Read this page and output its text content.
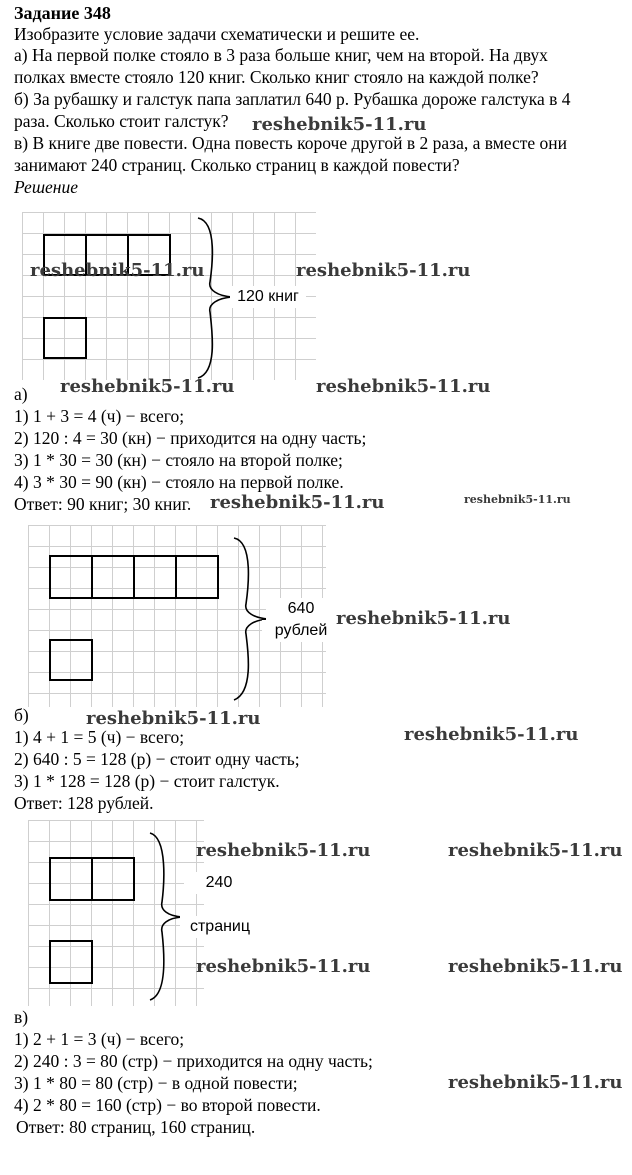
Задание 348
Изобразите условие задачи схематически и решите ее.
а) На первой полке стояло в 3 раза больше книг, чем на второй. На двух
полках вместе стояло 120 книг. Сколько книг стояло на каждой полке?
б) За рубашку и галстук папа заплатил 640 р. Рубашка дороже галстука в 4
раза. Сколько стоит галстук?
в) В книге две повести. Одна повесть короче другой в 2 раза, а вместе они
занимают 240 страниц. Сколько страниц в каждой повести?
Решение
120 книг
а)
1) 1 + 3 = 4 (ч) − всего;
2) 120 : 4 = 30 (кн) − приходится на одну часть;
3) 1 * 30 = 30 (кн) − стояло на второй полке;
4) 3 * 30 = 90 (кн) − стояло на первой полке.
Ответ: 90 книг; 30 книг.
640
рублей
б)
1) 4 + 1 = 5 (ч) − всего;
2) 640 : 5 = 128 (р) − стоит одну часть;
3) 1 * 128 = 128 (р) − стоит галстук.
Ответ: 128 рублей.
240
страниц
в)
1) 2 + 1 = 3 (ч) − всего;
2) 240 : 3 = 80 (стр) − приходится на одну часть;
3) 1 * 80 = 80 (стр) − в одной повести;
4) 2 * 80 = 160 (стр) − во второй повести.
Ответ: 80 страниц, 160 страниц.
reshebnik5-11.ru
reshebnik5-11.ru	reshebnik5-11.ru
reshebnik5-11.ru	reshebnik5-11.ru
reshebnik5-11.ru	reshebnik5-11.ru
reshebnik5-11.ru
reshebnik5-11.ru
reshebnik5-11.ru
reshebnik5-11.ru	reshebnik5-11.ru
reshebnik5-11.ru	reshebnik5-11.ru
reshebnik5-11.ru
